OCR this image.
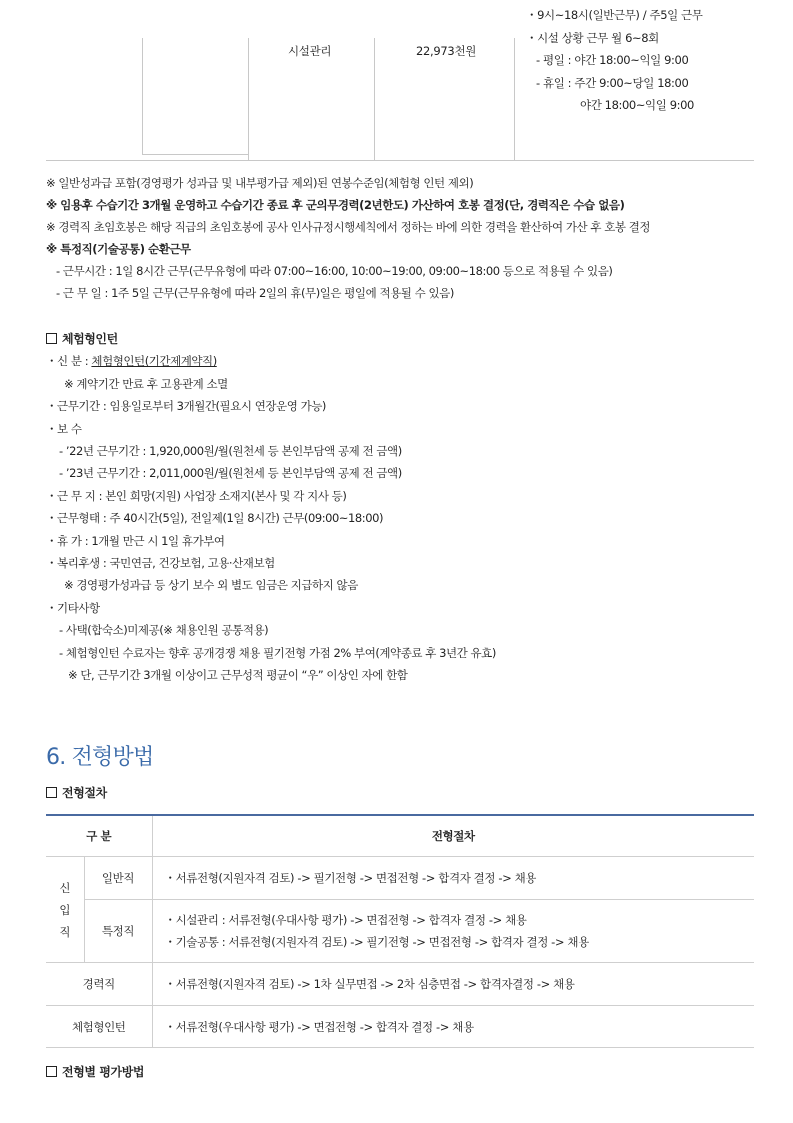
시설관리	22,973천원
・9시~18시(일반근무) / 주5일 근무
・시설 상황 근무 월 6~8회
- 평일 : 야간 18:00~익일 9:00
- 휴일 : 주간 9:00~당일 18:00
야간 18:00~익일 9:00
※ 일반성과급 포함(경영평가 성과급 및 내부평가급 제외)된 연봉수준임(체험형 인턴 제외)
※ 임용후 수습기간 3개월 운영하고 수습기간 종료 후 군의무경력(2년한도) 가산하여 호봉 결정(단, 경력직은 수습 없음)
※ 경력직 초임호봉은 해당 직급의 초임호봉에 공사 인사규정시행세칙에서 정하는 바에 의한 경력을 환산하여 가산 후 호봉 결정
※ 특정직(기술공통) 순환근무
- 근무시간 : 1일 8시간 근무(근무유형에 따라 07:00~16:00, 10:00~19:00, 09:00~18:00 등으로 적용될 수 있음)
- 근 무 일 : 1주 5일 근무(근무유형에 따라 2일의 휴(무)일은 평일에 적용될 수 있음)
체험형인턴
・신 분 : 체험형인턴(기간제계약직)
※ 계약기간 만료 후 고용관계 소멸
・근무기간 : 임용일로부터 3개월간(필요시 연장운영 가능)
・보 수
- ’22년 근무기간 : 1,920,000원/월(원천세 등 본인부담액 공제 전 금액)
- ’23년 근무기간 : 2,011,000원/월(원천세 등 본인부담액 공제 전 금액)
・근 무 지 : 본인 희망(지원) 사업장 소재지(본사 및 각 지사 등)
・근무형태 : 주 40시간(5일), 전일제(1일 8시간) 근무(09:00~18:00)
・휴 가 : 1개월 만근 시 1일 휴가부여
・복리후생 : 국민연금, 건강보험, 고용·산재보험
※ 경영평가성과급 등 상기 보수 외 별도 임금은 지급하지 않음
・기타사항
- 사택(합숙소)미제공(※ 채용인원 공통적용)
- 체험형인턴 수료자는 향후 공개경쟁 채용 필기전형 가점 2% 부여(계약종료 후 3년간 유효)
※ 단, 근무기간 3개월 이상이고 근무성적 평균이 “우” 이상인 자에 한함
6. 전형방법
전형절차
구 분		전형절차

신
입
직	일반직	・서류전형(지원자격 검토) -> 필기전형 -> 면접전형 -> 합격자 결정 -> 채용
	특정직	・시설관리 : 서류전형(우대사항 평가) -> 면접전형 -> 합격자 결정 -> 채용
・기술공통 : 서류전형(지원자격 검토) -> 필기전형 -> 면접전형 -> 합격자 결정 -> 채용

경력직		・서류전형(지원자격 검토) -> 1차 실무면접 -> 2차 심층면접 -> 합격자결정 -> 채용
체험형인턴		・서류전형(우대사항 평가) -> 면접전형 -> 합격자 결정 -> 채용
전형별 평가방법
